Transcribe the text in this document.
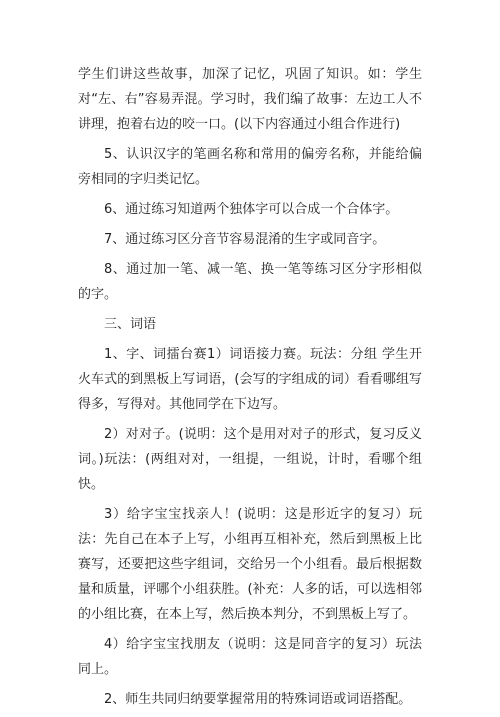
学生们讲这些故事，加深了记忆，巩固了知识。如：学生对“左、右”容易弄混。学习时，我们编了故事：左边工人不讲理，抱着右边的咬一口。(以下内容通过小组合作进行)

5、认识汉字的笔画名称和常用的偏旁名称，并能给偏旁相同的字归类记忆。

6、通过练习知道两个独体字可以合成一个合体字。

7、通过练习区分音节容易混淆的生字或同音字。

8、通过加一笔、减一笔、换一笔等练习区分字形相似的字。

三、词语

1、字、词擂台赛1）词语接力赛。玩法：分组 学生开火车式的到黑板上写词语，(会写的字组成的词）看看哪组写得多，写得对。其他同学在下边写。

2）对对子。(说明：这个是用对对子的形式，复习反义词。)玩法：(两组对对，一组提，一组说，计时，看哪个组快。

3）给字宝宝找亲人！(说明：这是形近字的复习）玩法：先自己在本子上写，小组再互相补充，然后到黑板上比赛写，还要把这些字组词，交给另一个小组看。最后根据数量和质量，评哪个小组获胜。(补充：人多的话，可以选相邻的小组比赛，在本上写，然后换本判分，不到黑板上写了。

4）给字宝宝找朋友（说明：这是同音字的复习）玩法同上。

2、师生共同归纳要掌握常用的特殊词语或词语搭配。
